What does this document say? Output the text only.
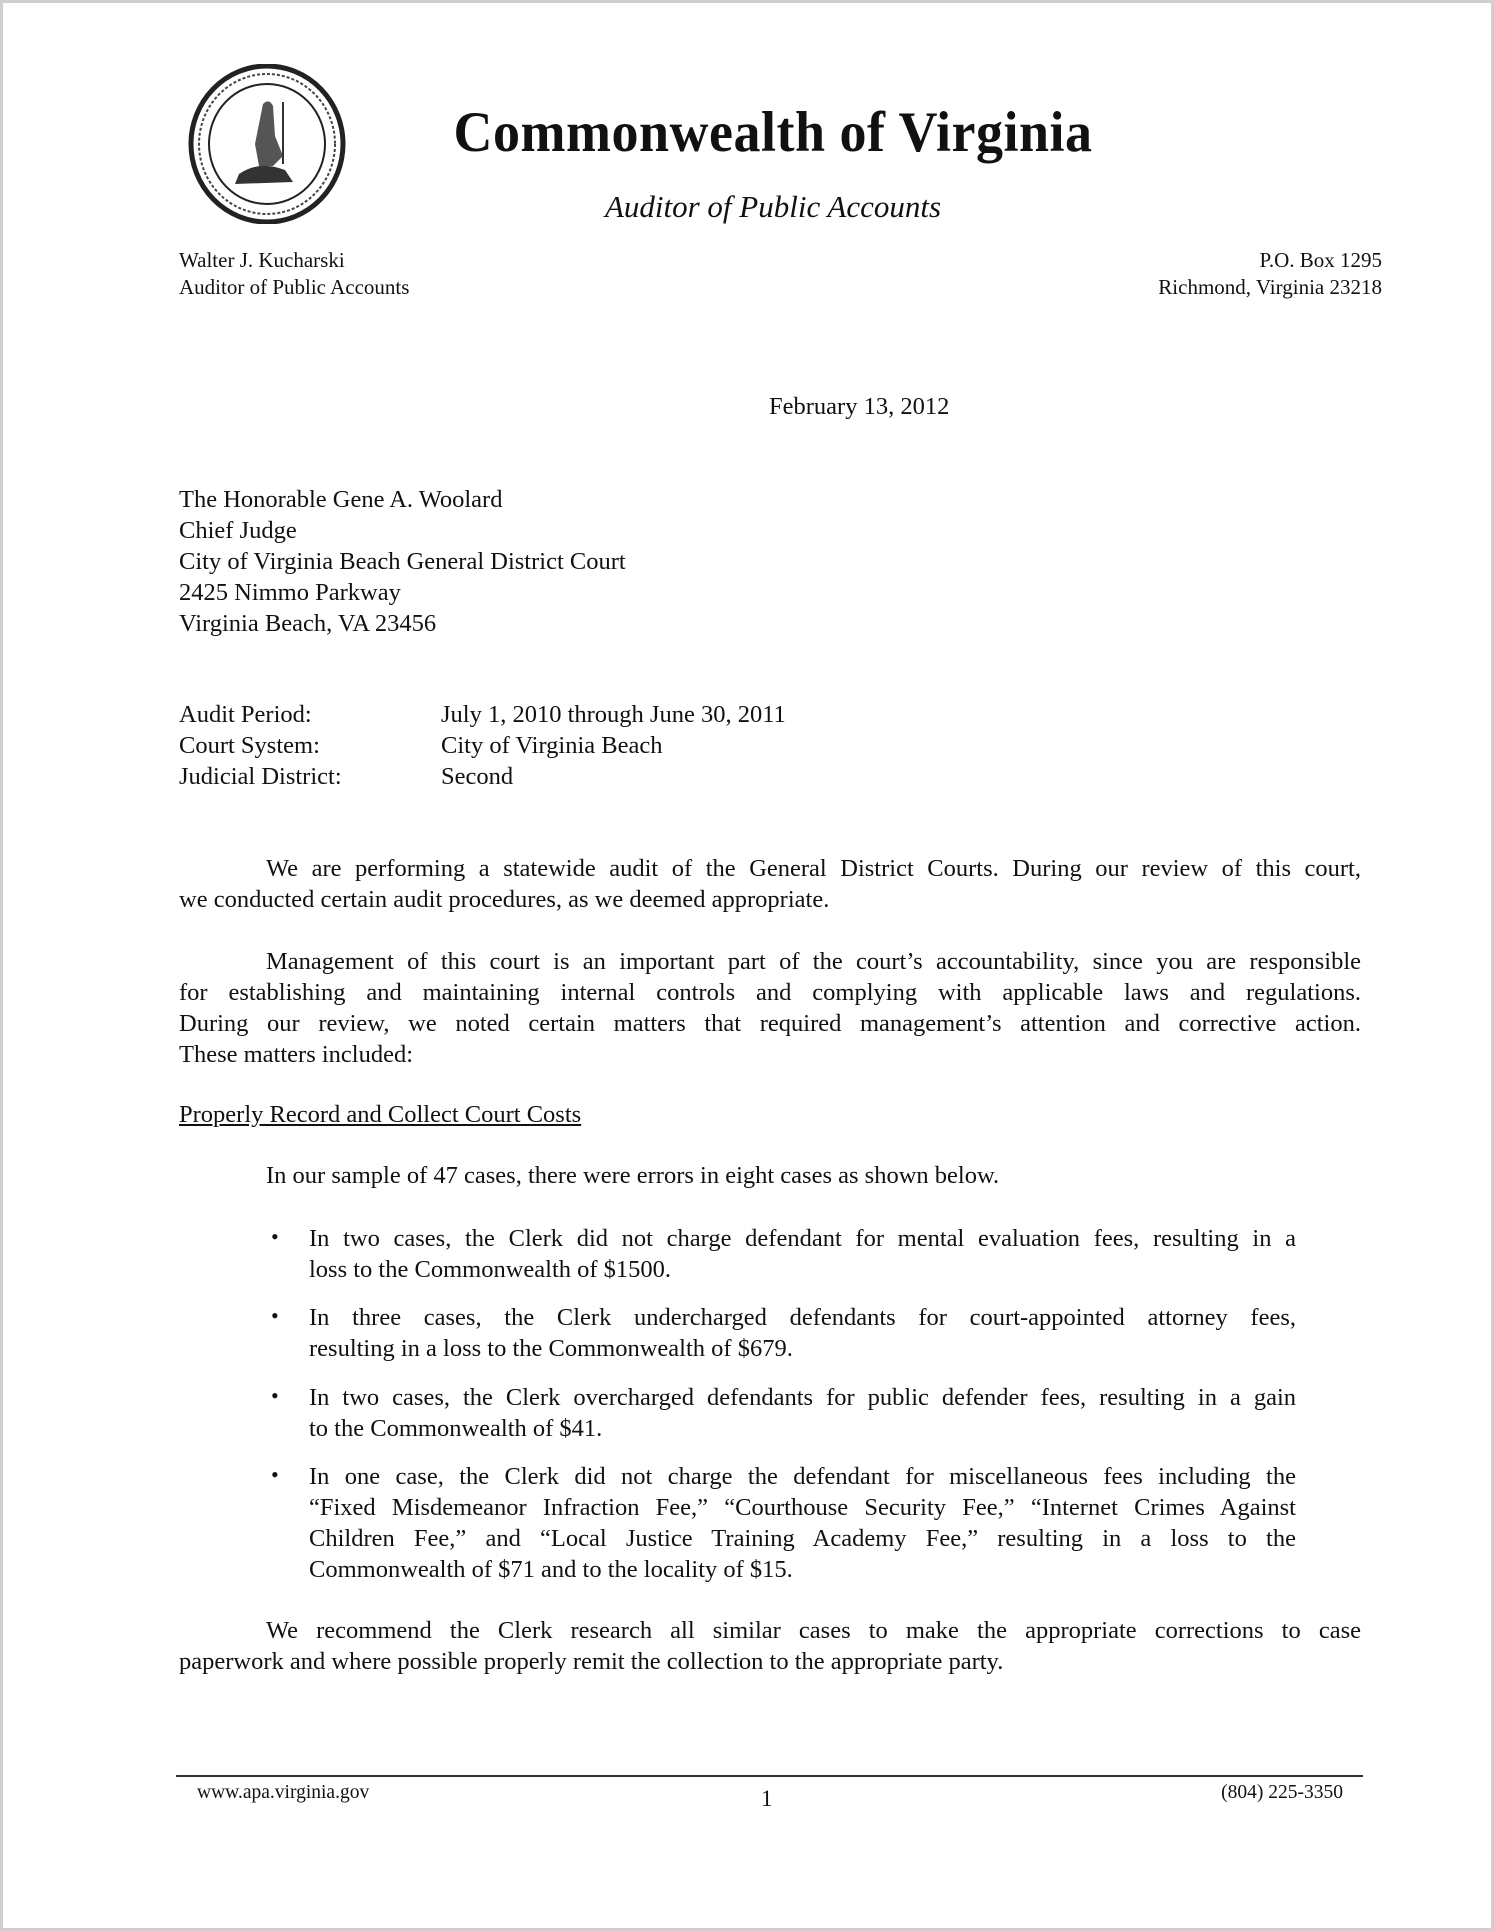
Commonwealth of Virginia
Auditor of Public Accounts
Walter J. Kucharski
Auditor of Public Accounts
P.O. Box 1295
Richmond, Virginia 23218
February 13, 2012
The Honorable Gene A. Woolard
Chief Judge
City of Virginia Beach General District Court
2425 Nimmo Parkway
Virginia Beach, VA 23456
Audit Period:	July 1, 2010 through June 30, 2011
Court System:	City of Virginia Beach
Judicial District:	Second
We are performing a statewide audit of the General District Courts. During our review of this court,
we conducted certain audit procedures, as we deemed appropriate.
Management of this court is an important part of the court’s accountability, since you are responsible
for establishing and maintaining internal controls and complying with applicable laws and regulations.
During our review, we noted certain matters that required management’s attention and corrective action.
These matters included:
Properly Record and Collect Court Costs
In our sample of 47 cases, there were errors in eight cases as shown below.
• In two cases, the Clerk did not charge defendant for mental evaluation fees, resulting in a
loss to the Commonwealth of $1500.
• In three cases, the Clerk undercharged defendants for court-appointed attorney fees,
resulting in a loss to the Commonwealth of $679.
• In two cases, the Clerk overcharged defendants for public defender fees, resulting in a gain
to the Commonwealth of $41.
• In one case, the Clerk did not charge the defendant for miscellaneous fees including the
“Fixed Misdemeanor Infraction Fee,” “Courthouse Security Fee,” “Internet Crimes Against
Children Fee,” and “Local Justice Training Academy Fee,” resulting in a loss to the
Commonwealth of $71 and to the locality of $15.
We recommend the Clerk research all similar cases to make the appropriate corrections to case
paperwork and where possible properly remit the collection to the appropriate party.
www.apa.virginia.gov	1	(804) 225-3350
